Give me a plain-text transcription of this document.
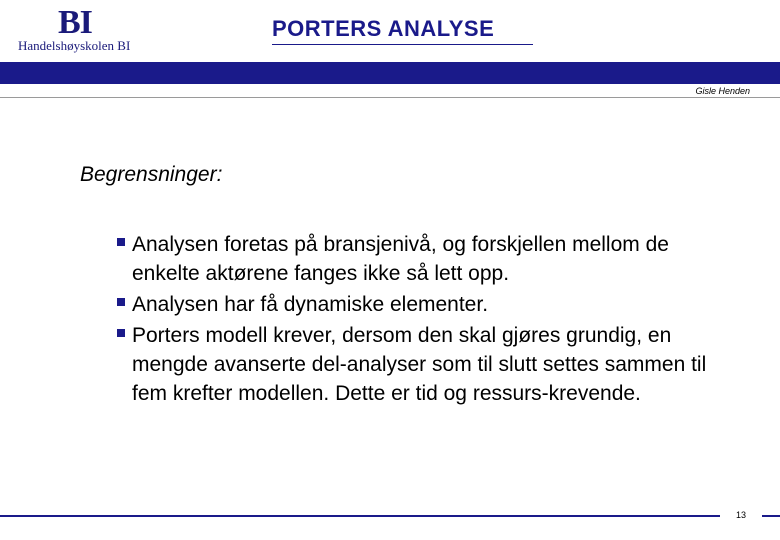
BI
Handelshøyskolen BI
PORTERS ANALYSE
Gisle Henden
Begrensninger:
Analysen foretas på bransjenivå, og forskjellen mellom de enkelte aktørene fanges ikke så lett opp.
Analysen har få dynamiske elementer.
Porters modell krever, dersom den skal gjøres grundig, en mengde avanserte del-analyser som til slutt settes sammen til fem krefter modellen. Dette er tid og ressurs-krevende.
13
